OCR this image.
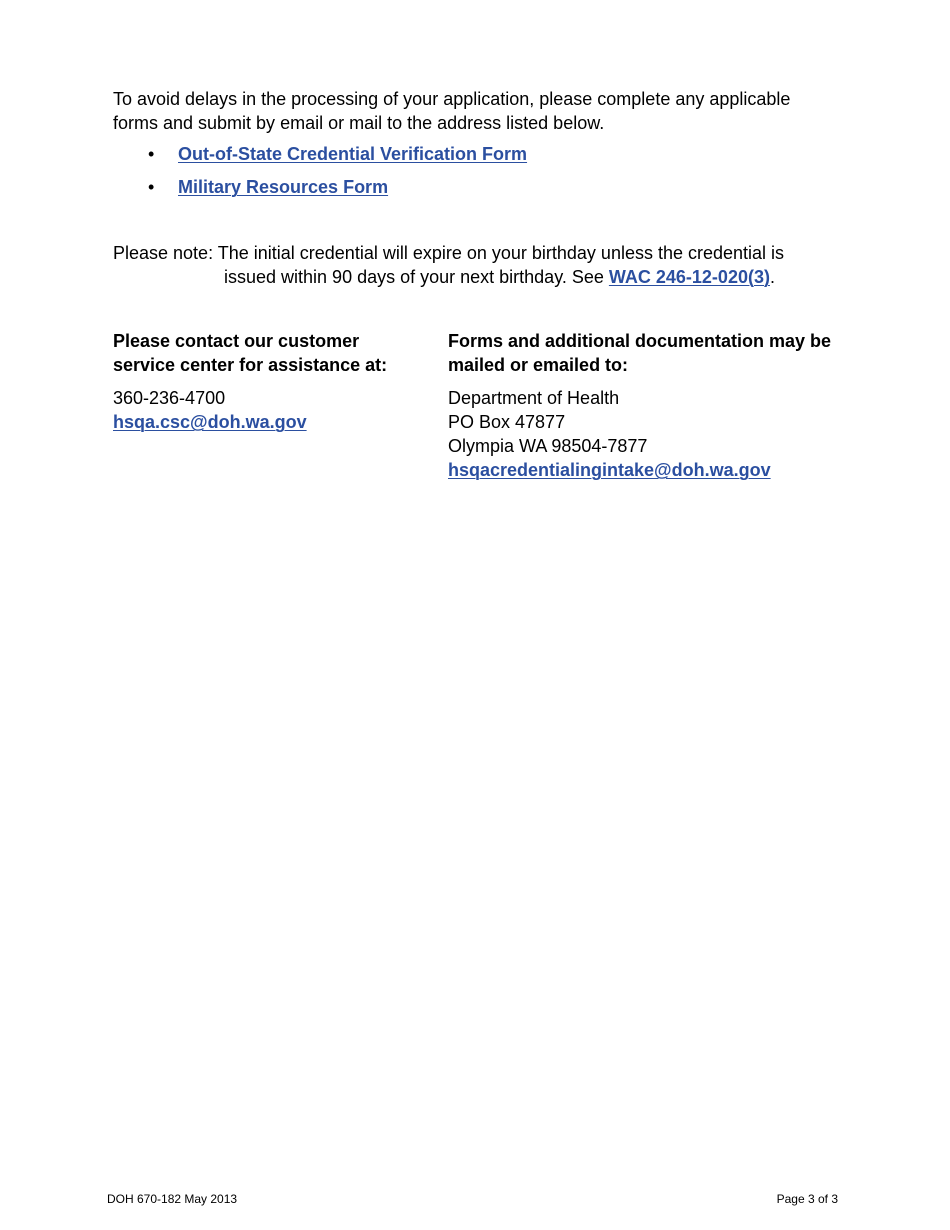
To avoid delays in the processing of your application, please complete any applicable forms and submit by email or mail to the address listed below.

• Out-of-State Credential Verification Form
• Military Resources Form
Please note: The initial credential will expire on your birthday unless the credential is
issued within 90 days of your next birthday. See WAC 246-12-020(3).

Please contact our customer service center for assistance at:

360-236-4700
hsqa.csc@doh.wa.gov

Forms and additional documentation may be mailed or emailed to:

Department of Health
PO Box 47877
Olympia WA 98504-7877
hsqacredentialingintake@doh.wa.gov
DOH 670-182 May 2013	Page 3 of 3
